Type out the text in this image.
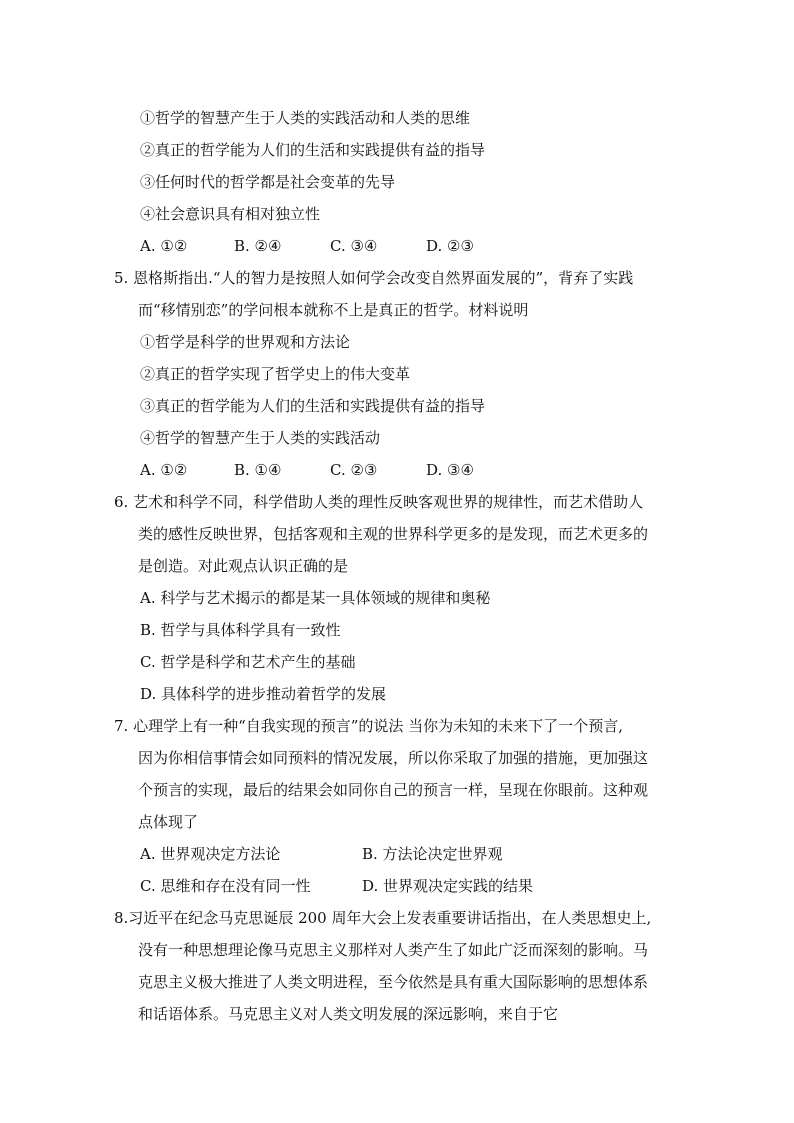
①哲学的智慧产生于人类的实践活动和人类的思维
②真正的哲学能为人们的生活和实践提供有益的指导
③任何时代的哲学都是社会变革的先导
④社会意识具有相对独立性
A. ①②	B. ②④	C. ③④	D. ②③
5. 恩格斯指出.“人的智力是按照人如何学会改变自然界面发展的”，背弃了实践
而“移情别恋”的学问根本就称不上是真正的哲学。材料说明
①哲学是科学的世界观和方法论
②真正的哲学实现了哲学史上的伟大变革
③真正的哲学能为人们的生活和实践提供有益的指导
④哲学的智慧产生于人类的实践活动
A. ①②	B. ①④	C. ②③	D. ③④
6. 艺术和科学不同，科学借助人类的理性反映客观世界的规律性，而艺术借助人
类的感性反映世界，包括客观和主观的世界科学更多的是发现，而艺术更多的
是创造。对此观点认识正确的是
A. 科学与艺术揭示的都是某一具体领域的规律和奥秘
B. 哲学与具体科学具有一致性
C. 哲学是科学和艺术产生的基础
D. 具体科学的进步推动着哲学的发展
7. 心理学上有一种“自我实现的预言”的说法 当你为未知的未来下了一个预言,
因为你相信事情会如同预料的情况发展，所以你采取了加强的措施，更加强这
个预言的实现，最后的结果会如同你自己的预言一样，呈现在你眼前。这种观
点体现了
A. 世界观决定方法论	B. 方法论决定世界观
C. 思维和存在没有同一性	D. 世界观决定实践的结果
8.习近平在纪念马克思诞辰 200 周年大会上发表重要讲话指出，在人类思想史上,
没有一种思想理论像马克思主义那样对人类产生了如此广泛而深刻的影响。马
克思主义极大推进了人类文明进程，至今依然是具有重大国际影响的思想体系
和话语体系。马克思主义对人类文明发展的深远影响，来自于它
